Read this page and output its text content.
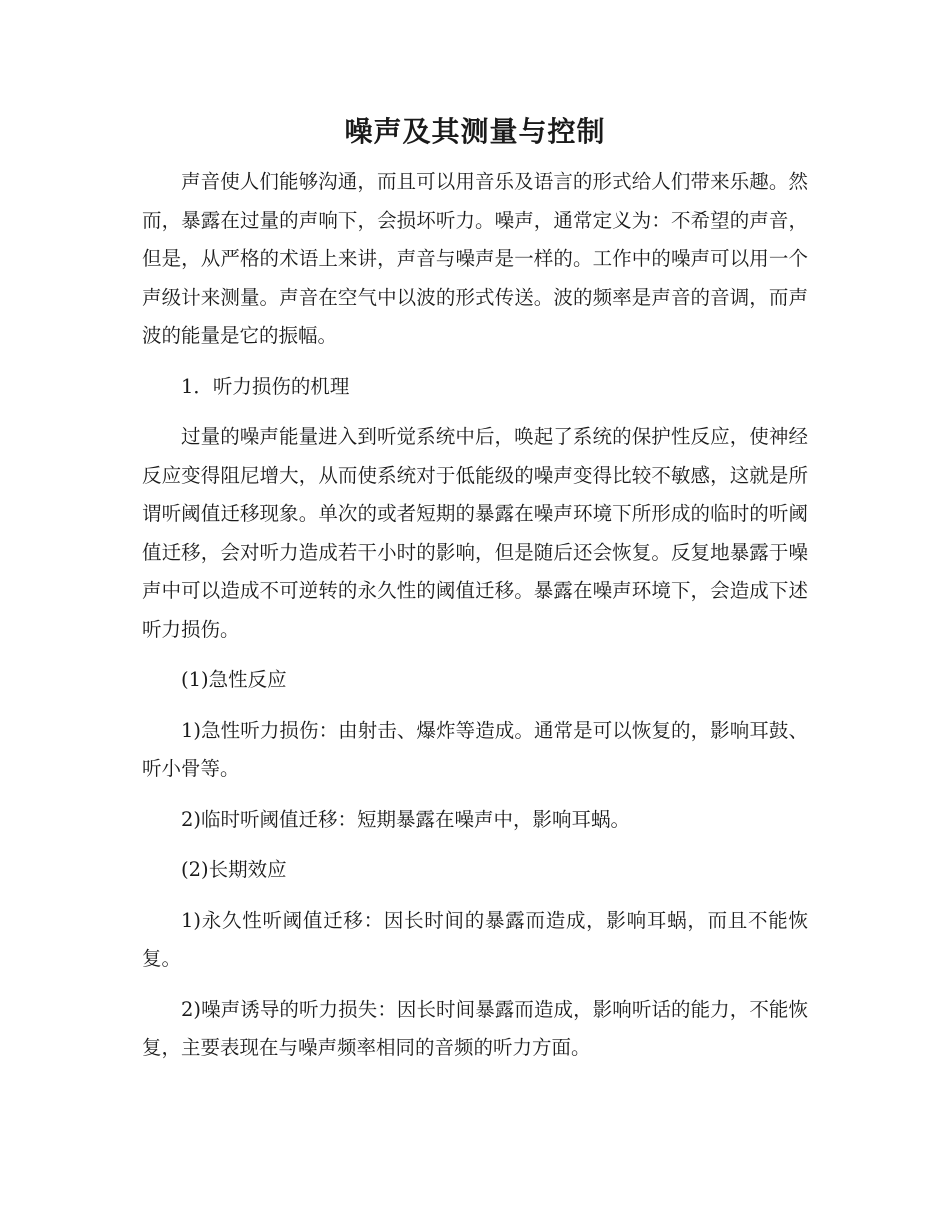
噪声及其测量与控制

声音使人们能够沟通，而且可以用音乐及语言的形式给人们带来乐趣。然而，暴露在过量的声响下，会损坏听力。噪声，通常定义为：不希望的声音，但是，从严格的术语上来讲，声音与噪声是一样的。工作中的噪声可以用一个声级计来测量。声音在空气中以波的形式传送。波的频率是声音的音调，而声波的能量是它的振幅。

1．听力损伤的机理

过量的噪声能量进入到听觉系统中后，唤起了系统的保护性反应，使神经反应变得阻尼增大，从而使系统对于低能级的噪声变得比较不敏感，这就是所谓听阈值迁移现象。单次的或者短期的暴露在噪声环境下所形成的临时的听阈值迁移，会对听力造成若干小时的影响，但是随后还会恢复。反复地暴露于噪声中可以造成不可逆转的永久性的阈值迁移。暴露在噪声环境下，会造成下述听力损伤。

(1)急性反应

1)急性听力损伤：由射击、爆炸等造成。通常是可以恢复的，影响耳鼓、听小骨等。

2)临时听阈值迁移：短期暴露在噪声中，影响耳蜗。

(2)长期效应

1)永久性听阈值迁移：因长时间的暴露而造成，影响耳蜗，而且不能恢复。

2)噪声诱导的听力损失：因长时间暴露而造成，影响听话的能力，不能恢复，主要表现在与噪声频率相同的音频的听力方面。
